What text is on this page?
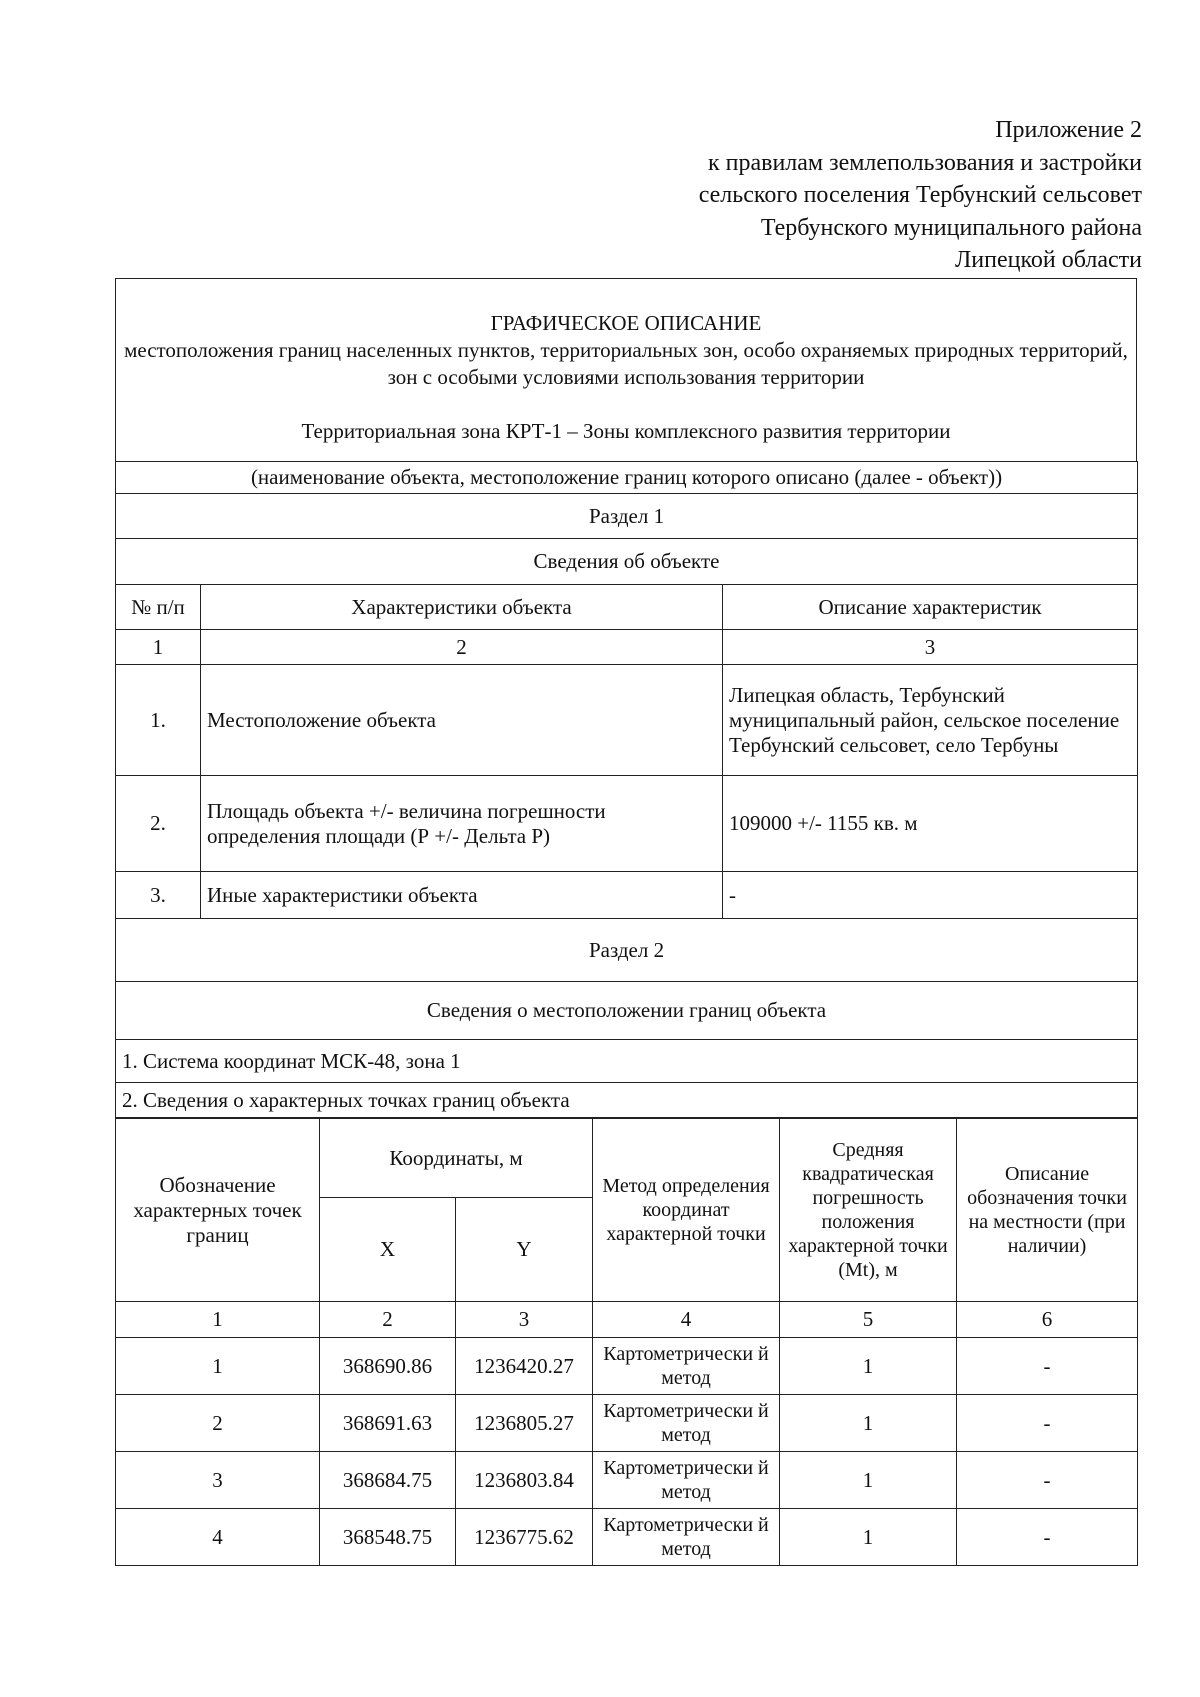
Приложение 2
к правилам землепользования и застройки
сельского поселения Тербунский сельсовет
Тербунского муниципального района
Липецкой области
ГРАФИЧЕСКОЕ ОПИСАНИЕ
местоположения границ населенных пунктов, территориальных зон, особо охраняемых природных территорий, зон с особыми условиями использования территории
Территориальная зона КРТ-1 – Зоны комплексного развития территории
(наименование объекта, местоположение границ которого описано (далее - объект))		
Раздел 1		
Сведения об объекте		
№ п/п	Характеристики объекта	Описание характеристик
1	2	3
1.	Местоположение объекта	Липецкая область, Тербунский муниципальный район, сельское поселение Тербунский сельсовет, село Тербуны
2.	Площадь объекта +/- величина погрешности определения площади (Р +/- Дельта Р)	109000 +/- 1155 кв. м
3.	Иные характеристики объекта	-
Раздел 2		
Сведения о местоположении границ объекта		
1. Система координат МСК-48, зона 1		
2. Сведения о характерных точках границ объекта		
Обозначение характерных точек границ	Координаты, м		Метод определения координат характерной точки	Средняя квадратическая погрешность положения характерной точки (Mt), м	Описание обозначения точки на местности (при наличии)
	X	Y			
1	2	3	4	5	6
1	368690.86	1236420.27	Картометрически й метод	1	-
2	368691.63	1236805.27	Картометрически й метод	1	-
3	368684.75	1236803.84	Картометрически й метод	1	-
4	368548.75	1236775.62	Картометрически й метод	1	-
